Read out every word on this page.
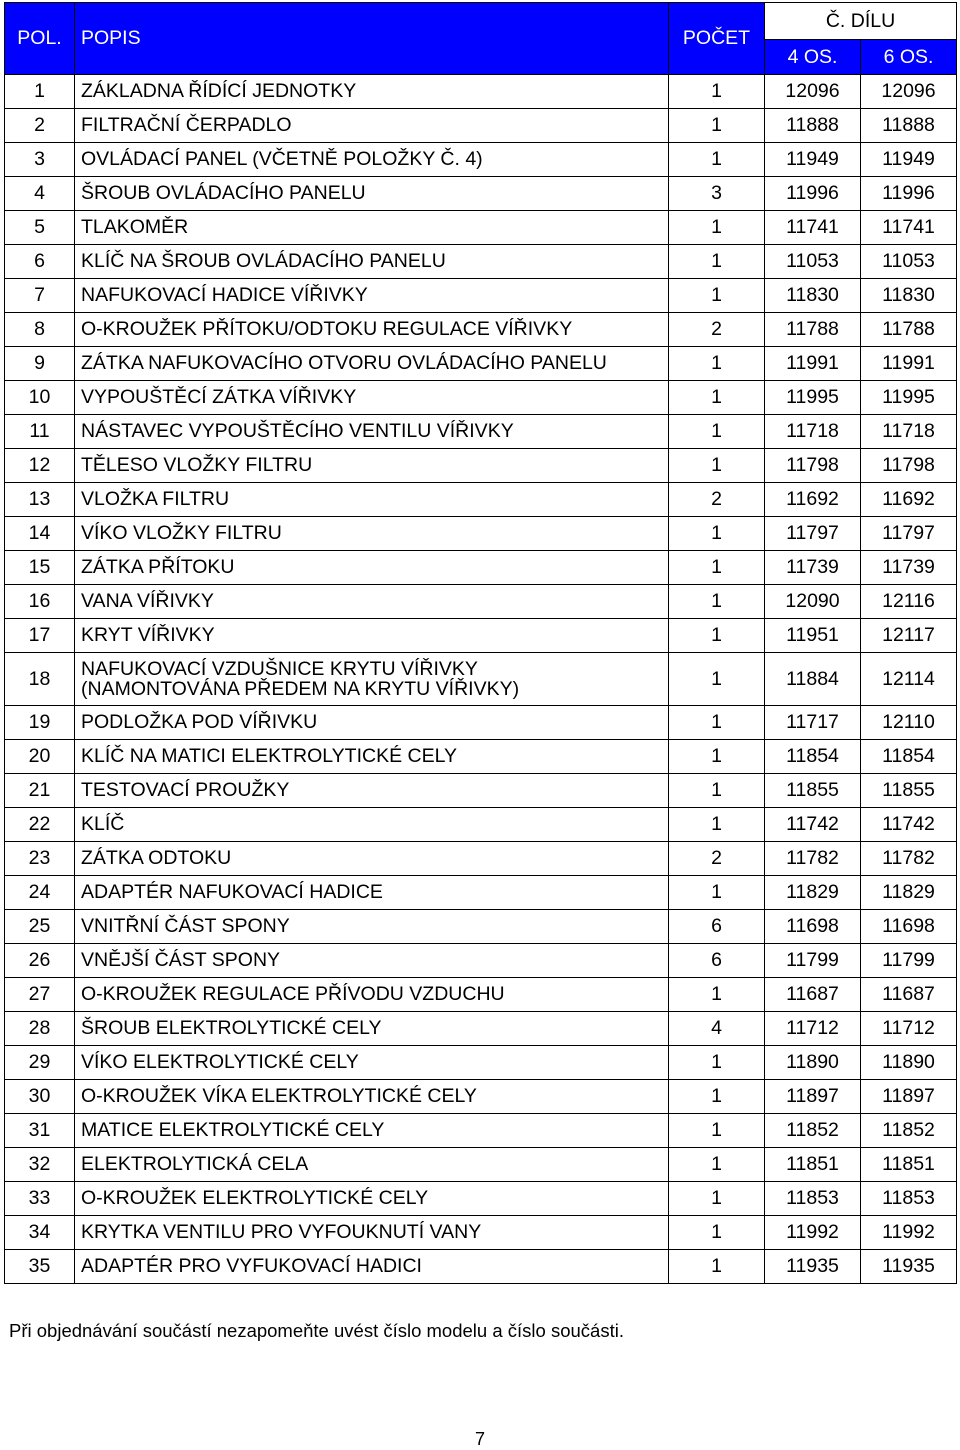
POL.	POPIS	POČET	Č. DÍLU	
			4 OS.	6 OS.
1	ZÁKLADNA ŘÍDÍCÍ JEDNOTKY	1	12096	12096
2	FILTRAČNÍ ČERPADLO	1	11888	11888
3	OVLÁDACÍ PANEL (VČETNĚ POLOŽKY Č. 4)	1	11949	11949
4	ŠROUB OVLÁDACÍHO PANELU	3	11996	11996
5	TLAKOMĚR	1	11741	11741
6	KLÍČ NA ŠROUB OVLÁDACÍHO PANELU	1	11053	11053
7	NAFUKOVACÍ HADICE VÍŘIVKY	1	11830	11830
8	O-KROUŽEK PŘÍTOKU/ODTOKU REGULACE VÍŘIVKY	2	11788	11788
9	ZÁTKA NAFUKOVACÍHO OTVORU OVLÁDACÍHO PANELU	1	11991	11991
10	VYPOUŠTĚCÍ ZÁTKA VÍŘIVKY	1	11995	11995
11	NÁSTAVEC VYPOUŠTĚCÍHO VENTILU VÍŘIVKY	1	11718	11718
12	TĚLESO VLOŽKY FILTRU	1	11798	11798
13	VLOŽKA FILTRU	2	11692	11692
14	VÍKO VLOŽKY FILTRU	1	11797	11797
15	ZÁTKA PŘÍTOKU	1	11739	11739
16	VANA VÍŘIVKY	1	12090	12116
17	KRYT VÍŘIVKY	1	11951	12117
18	NAFUKOVACÍ VZDUŠNICE KRYTU VÍŘIVKY
(NAMONTOVÁNA PŘEDEM NA KRYTU VÍŘIVKY)	1	11884	12114
19	PODLOŽKA POD VÍŘIVKU	1	11717	12110
20	KLÍČ NA MATICI ELEKTROLYTICKÉ CELY	1	11854	11854
21	TESTOVACÍ PROUŽKY	1	11855	11855
22	KLÍČ	1	11742	11742
23	ZÁTKA ODTOKU	2	11782	11782
24	ADAPTÉR NAFUKOVACÍ HADICE	1	11829	11829
25	VNITŘNÍ ČÁST SPONY	6	11698	11698
26	VNĚJŠÍ ČÁST SPONY	6	11799	11799
27	O-KROUŽEK REGULACE PŘÍVODU VZDUCHU	1	11687	11687
28	ŠROUB ELEKTROLYTICKÉ CELY	4	11712	11712
29	VÍKO ELEKTROLYTICKÉ CELY	1	11890	11890
30	O-KROUŽEK VÍKA ELEKTROLYTICKÉ CELY	1	11897	11897
31	MATICE ELEKTROLYTICKÉ CELY	1	11852	11852
32	ELEKTROLYTICKÁ CELA	1	11851	11851
33	O-KROUŽEK ELEKTROLYTICKÉ CELY	1	11853	11853
34	KRYTKA VENTILU PRO VYFOUKNUTÍ VANY	1	11992	11992
35	ADAPTÉR PRO VYFUKOVACÍ HADICI	1	11935	11935
Při objednávání součástí nezapomeňte uvést číslo modelu a číslo součásti.
7
